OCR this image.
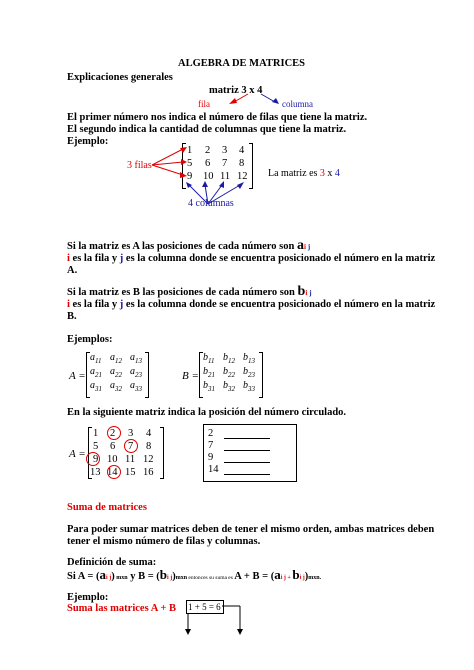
ALGEBRA DE MATRICES
Explicaciones generales
matriz 3 x 4
fila	columna
El primer número nos indica el número de filas que tiene la matriz.
El segundo indica la cantidad de columnas que tiene la matriz.
Ejemplo:
1 2 3 4
5 6 7 8
9 10 11 12
3 filas
La matriz es 3 x 4
4 columnas
Si la matriz es A las posiciones de cada número son ai j
i es la fila y j es la columna donde se encuentra posicionado el número en la matriz
A.
Si la matriz es B las posiciones de cada número son bi j
i es la fila y j es la columna donde se encuentra posicionado el número en la matriz
B.
Ejemplos:
A =
$a_{11}$ $a_{12}$ $a_{13}$
$a_{21}$ $a_{22}$ $a_{23}$
$a_{31}$ $a_{32}$ $a_{33}$
B =
$b_{11}$ $b_{12}$ $b_{13}$
$b_{21}$ $b_{22}$ $b_{23}$
$b_{31}$ $b_{32}$ $b_{33}$
En la siguiente matriz indica la posición del número circulado.
A =
1 2 3 4
5 6 7 8
9 10 11 12
13 14 15 16
2
7
9
14
Suma de matrices
Para poder sumar matrices deben de tener el mismo orden, ambas matrices deben
tener el mismo número de filas y columnas.
Definición de suma:
Si A = (ai j) mxn y B = (bi j)mxn entonces su suma es A + B = (ai j + bi j)mxn.
Ejemplo:
Suma las matrices A + B 1 + 5 = 6
